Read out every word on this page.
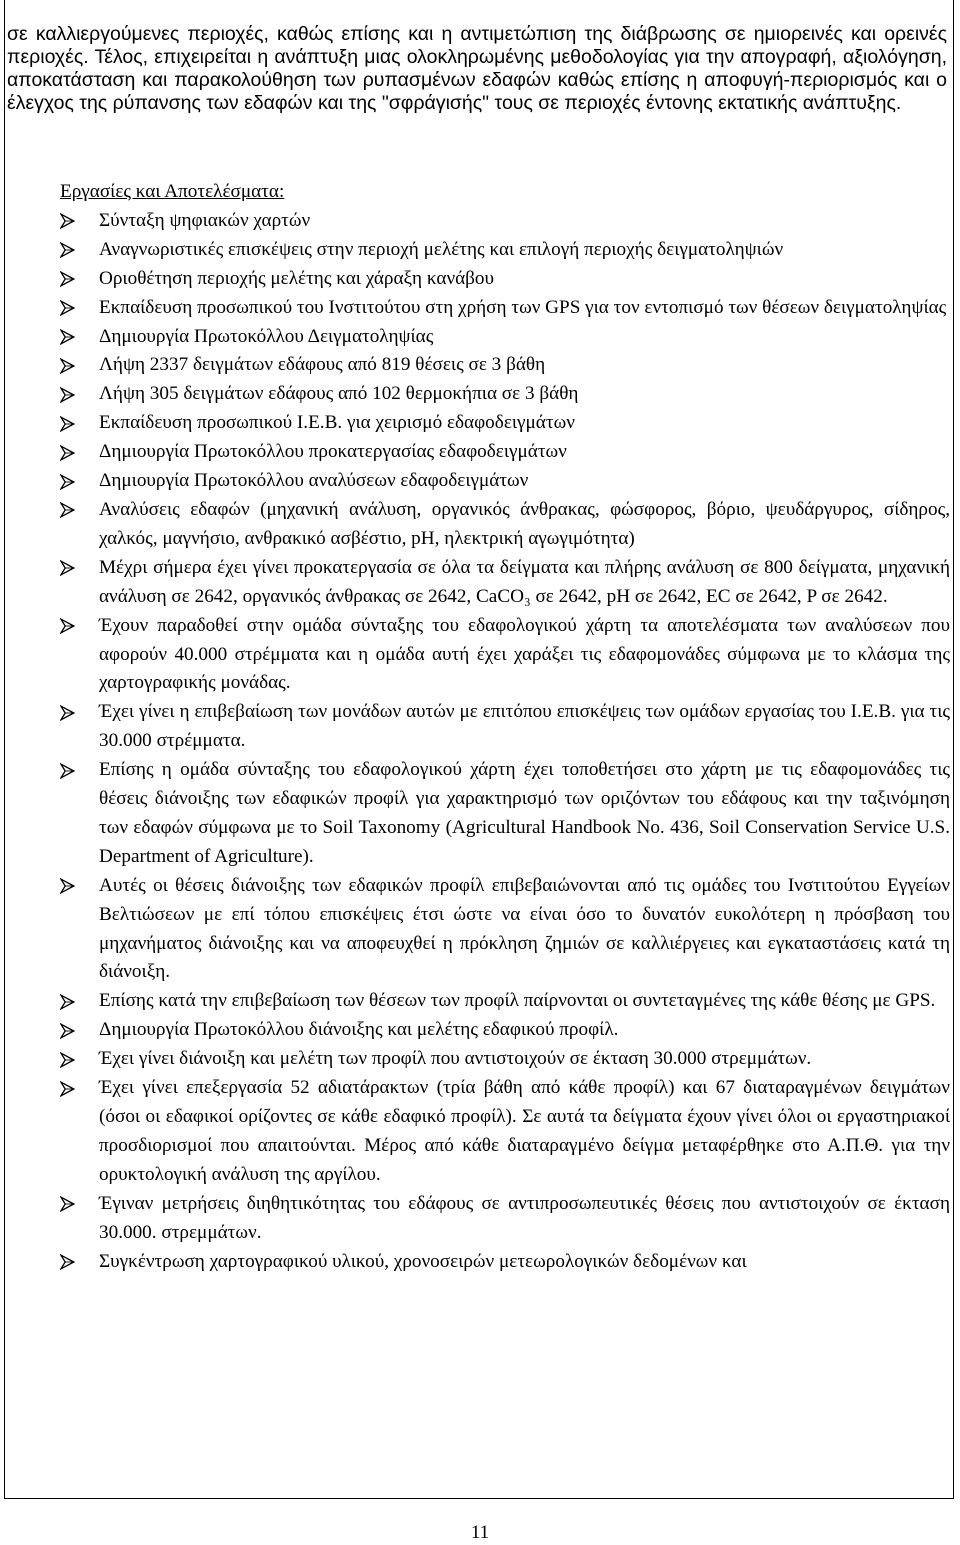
σε καλλιεργούμενες περιοχές, καθώς επίσης και η αντιμετώπιση της διάβρωσης σε ημιορεινές και ορεινές περιοχές. Τέλος, επιχειρείται η ανάπτυξη μιας ολοκληρωμένης μεθοδολογίας για την απογραφή, αξιολόγηση, αποκατάσταση και παρακολούθηση των ρυπασμένων εδαφών καθώς επίσης η αποφυγή-περιορισμός και ο έλεγχος της ρύπανσης των εδαφών και της "σφράγισής" τους σε περιοχές έντονης εκτατικής ανάπτυξης.

Εργασίες και Αποτελέσματα:

Σύνταξη ψηφιακών χαρτών
Αναγνωριστικές επισκέψεις στην περιοχή μελέτης και επιλογή περιοχής δειγματοληψιών
Οριοθέτηση περιοχής μελέτης και χάραξη κανάβου
Εκπαίδευση προσωπικού του Ινστιτούτου στη χρήση των GPS για τον εντοπισμό των θέσεων δειγματοληψίας
Δημιουργία Πρωτοκόλλου Δειγματοληψίας
Λήψη 2337 δειγμάτων εδάφους από 819 θέσεις σε 3 βάθη
Λήψη 305 δειγμάτων εδάφους από 102 θερμοκήπια σε 3 βάθη
Εκπαίδευση προσωπικού Ι.Ε.Β. για χειρισμό εδαφοδειγμάτων
Δημιουργία Πρωτοκόλλου προκατεργασίας εδαφοδειγμάτων
Δημιουργία Πρωτοκόλλου αναλύσεων εδαφοδειγμάτων
Αναλύσεις εδαφών (μηχανική ανάλυση, οργανικός άνθρακας, φώσφορος, βόριο, ψευδάργυρος, σίδηρος, χαλκός, μαγνήσιο, ανθρακικό ασβέστιο, pH, ηλεκτρική αγωγιμότητα)
Μέχρι σήμερα έχει γίνει προκατεργασία σε όλα τα δείγματα και πλήρης ανάλυση σε 800 δείγματα, μηχανική ανάλυση σε 2642, οργανικός άνθρακας σε 2642, CaCO₃ σε 2642, pH σε 2642, EC σε 2642, P σε 2642.
Έχουν παραδοθεί στην ομάδα σύνταξης του εδαφολογικού χάρτη τα αποτελέσματα των αναλύσεων που αφορούν 40.000 στρέμματα και η ομάδα αυτή έχει χαράξει τις εδαφομονάδες σύμφωνα με το κλάσμα της χαρτογραφικής μονάδας.
Έχει γίνει η επιβεβαίωση των μονάδων αυτών με επιτόπου επισκέψεις των ομάδων εργασίας του Ι.Ε.Β. για τις 30.000 στρέμματα.
Επίσης η ομάδα σύνταξης του εδαφολογικού χάρτη έχει τοποθετήσει στο χάρτη με τις εδαφομονάδες τις θέσεις διάνοιξης των εδαφικών προφίλ για χαρακτηρισμό των οριζόντων του εδάφους και την ταξινόμηση των εδαφών σύμφωνα με το Soil Taxonomy (Agricultural Handbook No. 436, Soil Conservation Service U.S. Department of Agriculture).
Αυτές οι θέσεις διάνοιξης των εδαφικών προφίλ επιβεβαιώνονται από τις ομάδες του Ινστιτούτου Εγγείων Βελτιώσεων με επί τόπου επισκέψεις έτσι ώστε να είναι όσο το δυνατόν ευκολότερη η πρόσβαση του μηχανήματος διάνοιξης και να αποφευχθεί η πρόκληση ζημιών σε καλλιέργειες και εγκαταστάσεις κατά τη διάνοιξη.
Επίσης κατά την επιβεβαίωση των θέσεων των προφίλ παίρνονται οι συντεταγμένες της κάθε θέσης με GPS.
Δημιουργία Πρωτοκόλλου διάνοιξης και μελέτης εδαφικού προφίλ.
Έχει γίνει διάνοιξη και μελέτη των προφίλ που αντιστοιχούν σε έκταση 30.000 στρεμμάτων.
Έχει γίνει επεξεργασία 52 αδιατάρακτων (τρία βάθη από κάθε προφίλ) και 67 διαταραγμένων δειγμάτων (όσοι οι εδαφικοί ορίζοντες σε κάθε εδαφικό προφίλ). Σε αυτά τα δείγματα έχουν γίνει όλοι οι εργαστηριακοί προσδιορισμοί που απαιτούνται. Μέρος από κάθε διαταραγμένο δείγμα μεταφέρθηκε στο Α.Π.Θ. για την ορυκτολογική ανάλυση της αργίλου.
Έγιναν μετρήσεις διηθητικότητας του εδάφους σε αντιπροσωπευτικές θέσεις που αντιστοιχούν σε έκταση 30.000. στρεμμάτων.
Συγκέντρωση χαρτογραφικού υλικού, χρονοσειρών μετεωρολογικών δεδομένων και
11
